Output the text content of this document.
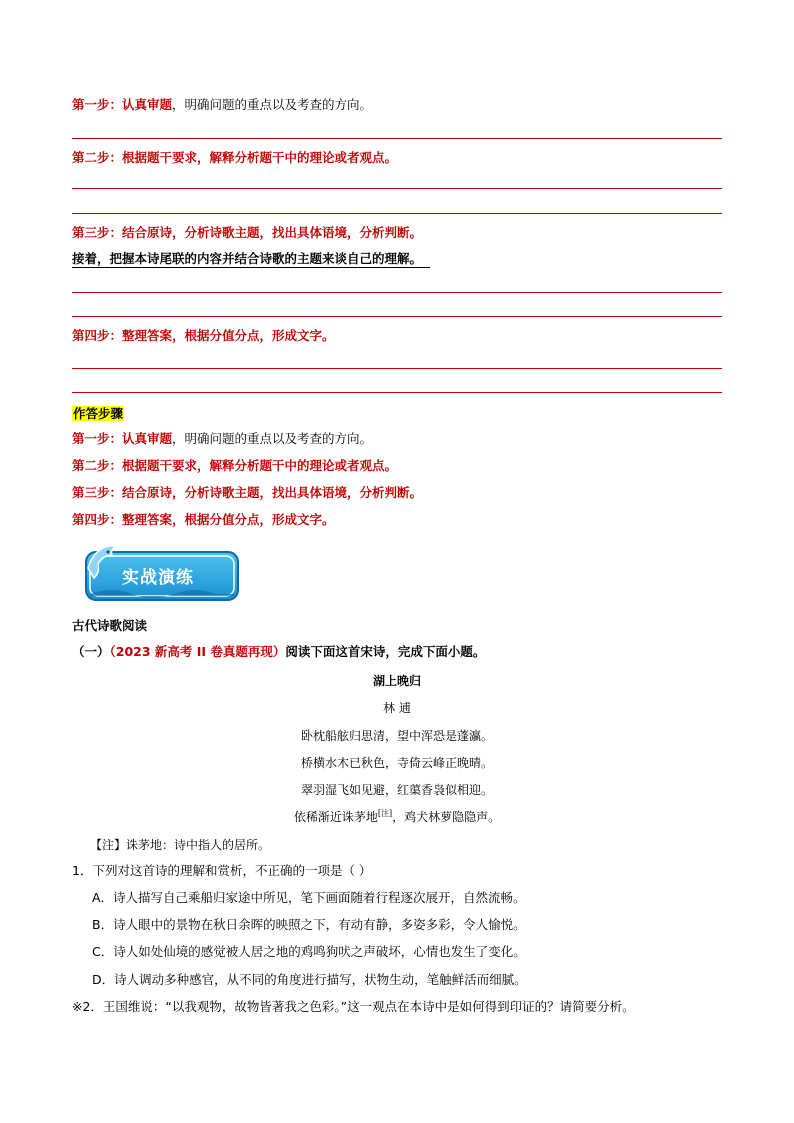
第一步：认真审题，明确问题的重点以及考查的方向。
第二步：根据题干要求，解释分析题干中的理论或者观点。
第三步：结合原诗，分析诗歌主题，找出具体语境，分析判断。
接着，把握本诗尾联的内容并结合诗歌的主题来谈自己的理解。
第四步：整理答案，根据分值分点，形成文字。
作答步骤
第一步：认真审题，明确问题的重点以及考查的方向。
第二步：根据题干要求，解释分析题干中的理论或者观点。
第三步：结合原诗，分析诗歌主题，找出具体语境，分析判断。
第四步：整理答案，根据分值分点，形成文字。
实战演练
古代诗歌阅读
（一）（2023 新高考 II 卷真题再现）阅读下面这首宋诗，完成下面小题。
湖上晚归
林 逋
卧枕船舷归思清，望中浑恐是蓬瀛。
桥横水木已秋色，寺倚云峰正晚晴。
翠羽湿飞如见避，红蕖香袅似相迎。
依稀渐近诛茅地[注]，鸡犬林萝隐隐声。
【注】诛茅地：诗中指人的居所。
1．下列对这首诗的理解和赏析，不正确的一项是（ ）
A．诗人描写自己乘船归家途中所见，笔下画面随着行程逐次展开，自然流畅。
B．诗人眼中的景物在秋日余晖的映照之下，有动有静，多姿多彩，令人愉悦。
C．诗人如处仙境的感觉被人居之地的鸡鸣狗吠之声破坏，心情也发生了变化。
D．诗人调动多种感官，从不同的角度进行描写，状物生动，笔触鲜活而细腻。
※2．王国维说：“以我观物，故物皆著我之色彩。”这一观点在本诗中是如何得到印证的？请简要分析。
